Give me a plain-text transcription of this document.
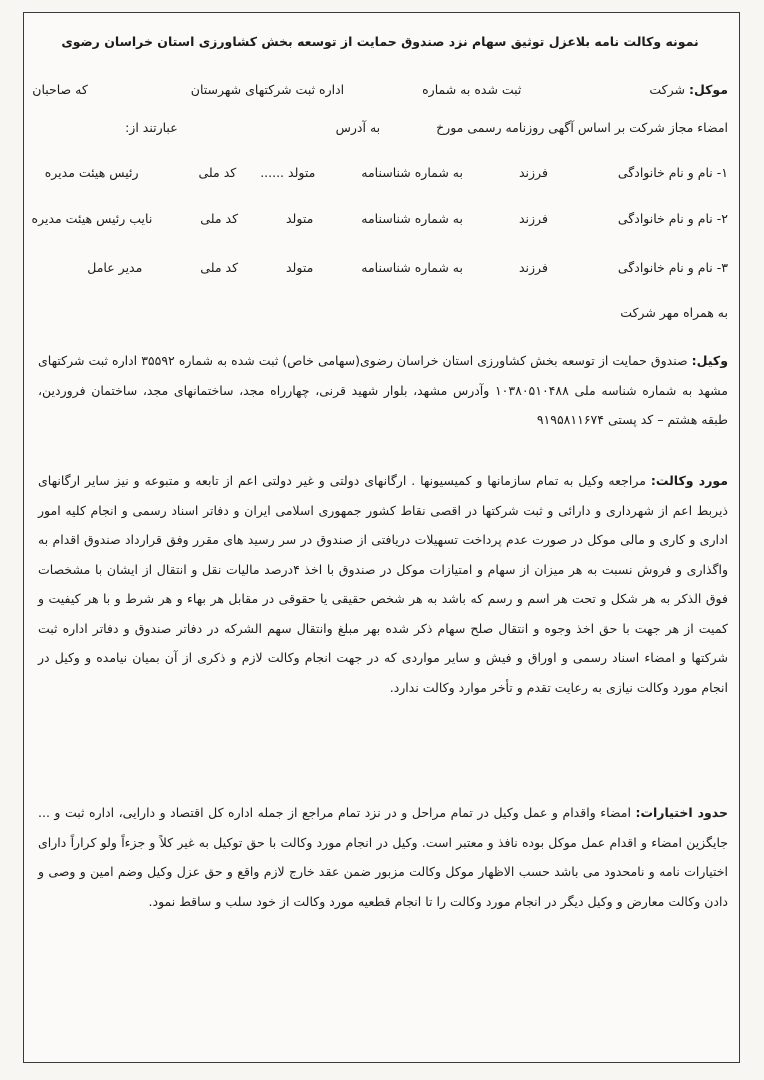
نمونه وکالت نامه بلاعزل توثیق سهام نزد صندوق حمایت از توسعه بخش کشاورزی استان خراسان رضوی
موکل: شرکت  ثبت شده به شماره  اداره ثبت شرکتهای شهرستان  که صاحبان
امضاء مجاز شرکت بر اساس آگهی روزنامه رسمی مورخ  به آدرس  عبارتند از:
۱- نام و نام خانوادگی  فرزند  به شماره شناسنامه  متولد ......  کد ملی  رئیس هیئت مدیره
۲- نام و نام خانوادگی  فرزند  به شماره شناسنامه  متولد  کد ملی  نایب رئیس هیئت مدیره
۳- نام و نام خانوادگی  فرزند  به شماره شناسنامه  متولد  کد ملی  مدیر عامل
به همراه مهر شرکت
وکیل: صندوق حمایت از توسعه بخش کشاورزی استان خراسان رضوی(سهامی خاص) ثبت شده به شماره ۳۵۵۹۲ اداره ثبت شرکتهای مشهد به شماره شناسه ملی ۱۰۳۸۰۵۱۰۴۸۸ وآدرس مشهد، بلوار شهید قرنی، چهارراه مجد، ساختمانهای مجد، ساختمان فروردین، طبقه هشتم – کد پستی ۹۱۹۵۸۱۱۶۷۴
مورد وکالت: مراجعه وکیل به تمام سازمانها و کمیسیونها . ارگانهای دولتی و غیر دولتی اعم از تابعه و متبوعه و نیز سایر ارگانهای ذیربط اعم از شهرداری و دارائی و ثبت شرکتها در اقصی نقاط کشور جمهوری اسلامی ایران و دفاتر اسناد رسمی و انجام کلیه امور اداری و کاری و مالی موکل در صورت عدم پرداخت تسهیلات دریافتی از صندوق در سر رسید های مقرر وفق قرارداد صندوق اقدام به واگذاری و فروش نسبت به هر میزان از سهام و امتیازات موکل در صندوق با اخذ ۴درصد مالیات نقل و انتقال از ایشان با مشخصات فوق الذکر به هر شکل و تحت هر اسم و رسم که باشد به هر شخص حقیقی یا حقوقی در مقابل هر بهاء و هر شرط و با هر کیفیت و کمیت از هر جهت با حق اخذ وجوه و انتقال صلح سهام ذکر شده بهر مبلغ وانتقال سهم الشرکه در دفاتر صندوق و دفاتر اداره ثبت شرکتها و امضاء اسناد رسمی و اوراق و فیش و سایر مواردی که در جهت انجام وکالت لازم و ذکری از آن بمیان نیامده و وکیل در انجام مورد وکالت نیازی به رعایت تقدم و تأخر موارد وکالت ندارد.
حدود اختیارات: امضاء واقدام و عمل وکیل در تمام مراحل و در نزد تمام مراجع از جمله اداره کل اقتصاد و دارایی، اداره ثبت و ... جایگزین امضاء و اقدام عمل موکل بوده نافذ و معتبر است. وکیل در انجام مورد وکالت با حق توکیل به غیر کلاً و جزءاً ولو کراراً دارای اختیارات نامه و نامحدود می باشد حسب الاظهار موکل وکالت مزبور ضمن عقد خارج لازم واقع و حق عزل وکیل وضم امین و وصی و دادن وکالت معارض و وکیل دیگر در انجام مورد وکالت را تا انجام قطعیه مورد وکالت از خود سلب و ساقط نمود.
